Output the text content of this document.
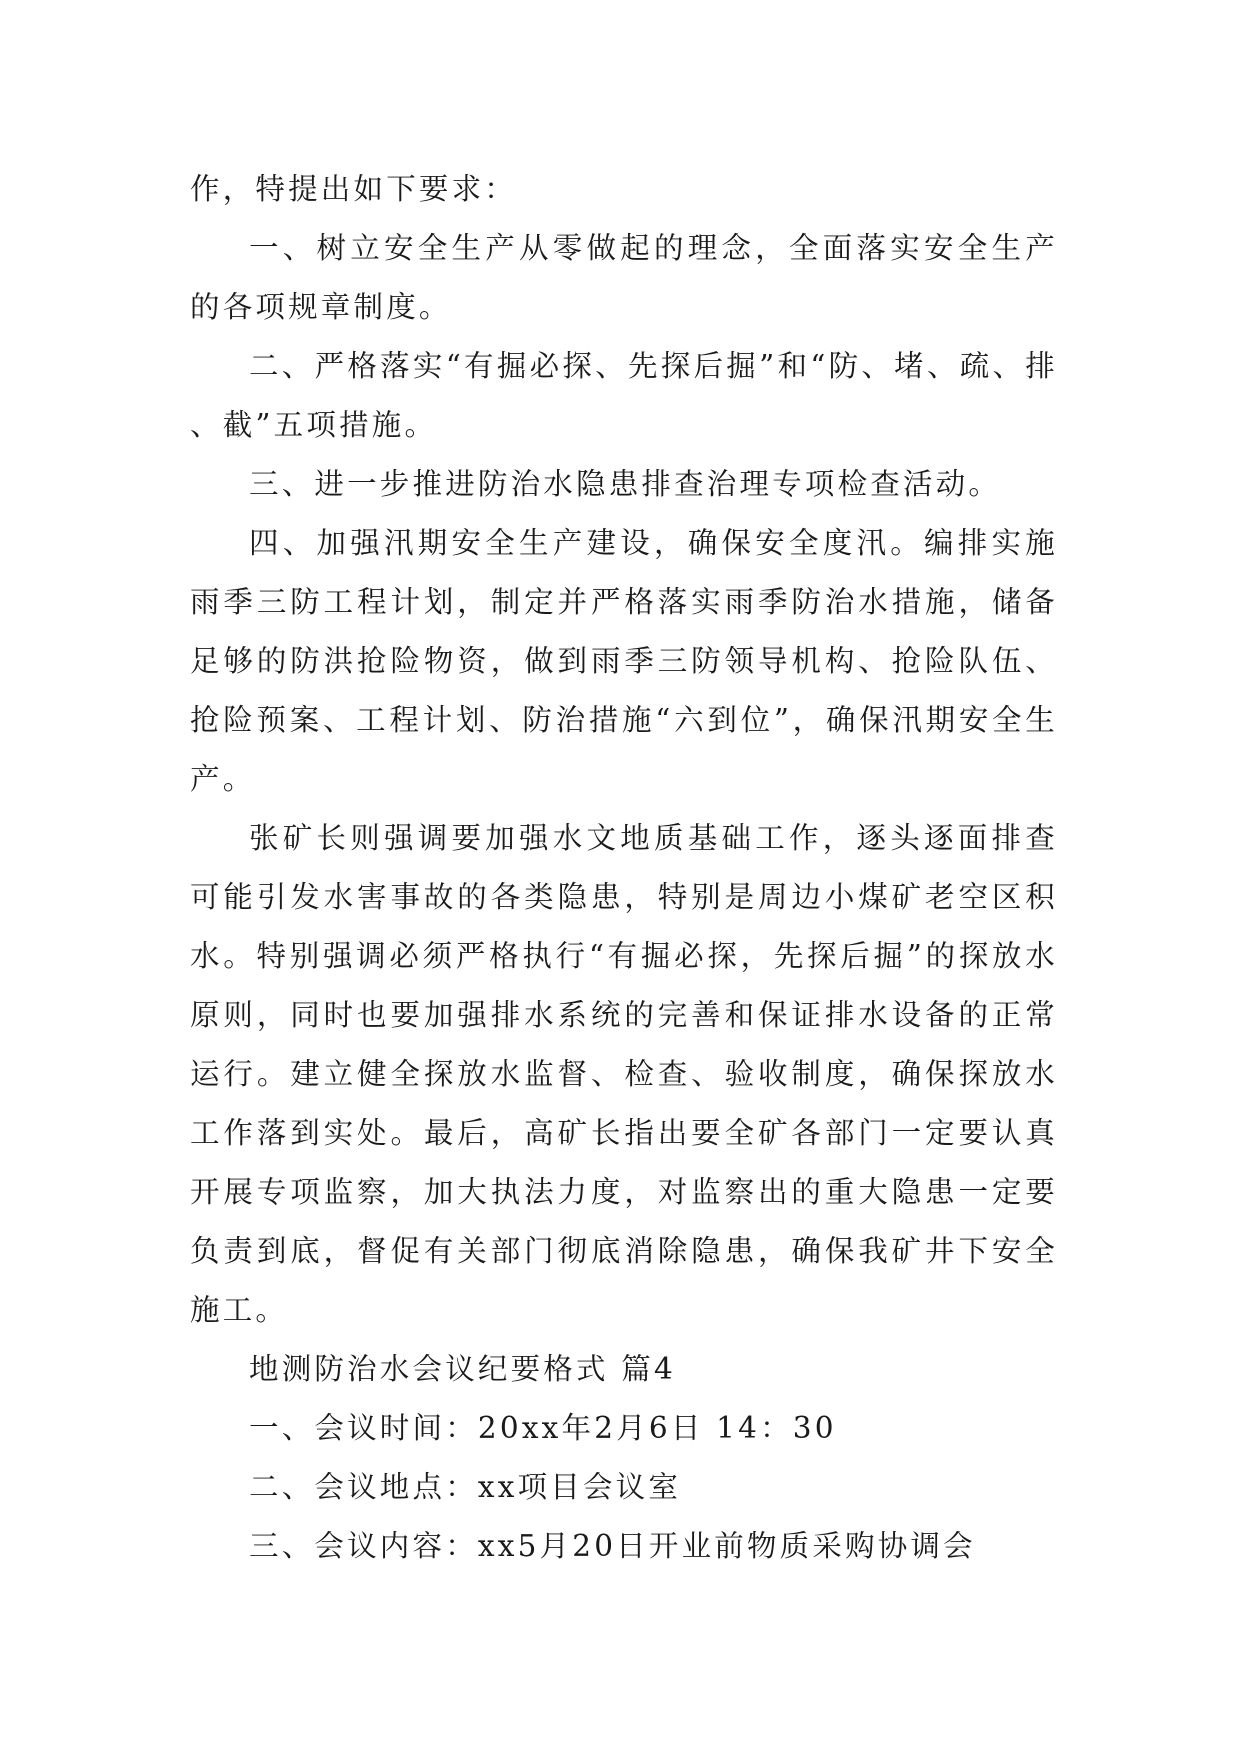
作，特提出如下要求：

一、树立安全生产从零做起的理念，全面落实安全生产的各项规章制度。

二、严格落实“有掘必探、先探后掘”和“防、堵、疏、排、截”五项措施。

三、进一步推进防治水隐患排查治理专项检查活动。

四、加强汛期安全生产建设，确保安全度汛。编排实施雨季三防工程计划，制定并严格落实雨季防治水措施，储备足够的防洪抢险物资，做到雨季三防领导机构、抢险队伍、抢险预案、工程计划、防治措施“六到位”，确保汛期安全生产。

张矿长则强调要加强水文地质基础工作，逐头逐面排查可能引发水害事故的各类隐患，特别是周边小煤矿老空区积水。特别强调必须严格执行“有掘必探，先探后掘”的探放水原则，同时也要加强排水系统的完善和保证排水设备的正常运行。建立健全探放水监督、检查、验收制度，确保探放水工作落到实处。最后，高矿长指出要全矿各部门一定要认真开展专项监察，加大执法力度，对监察出的重大隐患一定要负责到底，督促有关部门彻底消除隐患，确保我矿井下安全施工。

地测防治水会议纪要格式 篇4

一、会议时间：20xx年2月6日 14：30

二、会议地点：xx项目会议室

三、会议内容：xx5月20日开业前物质采购协调会
